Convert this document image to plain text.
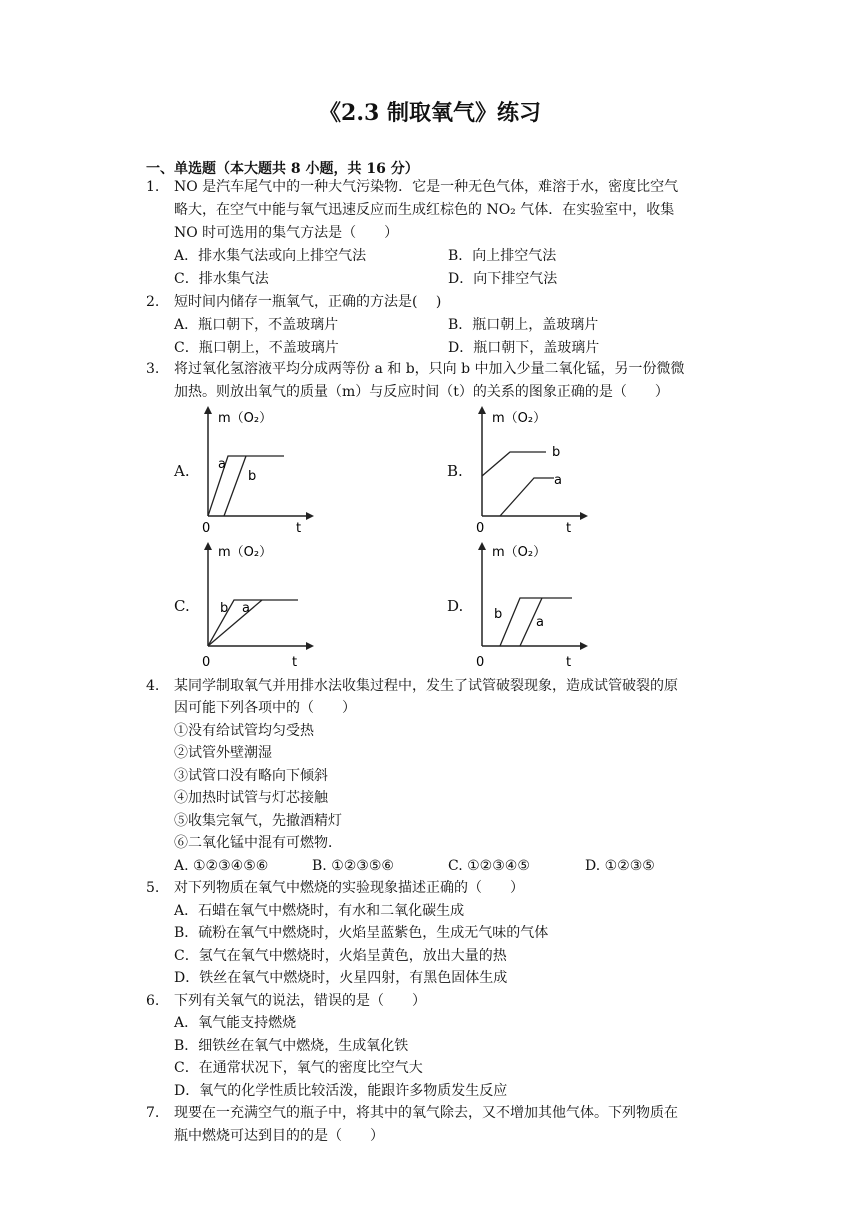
《2.3 制取氧气》练习
一、单选题（本大题共 8 小题，共 16 分）
1. NO 是汽车尾气中的一种大气污染物．它是一种无色气体，难溶于水，密度比空气
略大，在空气中能与氧气迅速反应而生成红棕色的 NO₂ 气体．在实验室中，收集
NO 时可选用的集气方法是（　　）
A．排水集气法或向上排空气法	B．向上排空气法
C．排水集气法	D．向下排空气法
2. 短时间内储存一瓶氧气，正确的方法是(　 )
A．瓶口朝下，不盖玻璃片	B．瓶口朝上，盖玻璃片
C．瓶口朝上，不盖玻璃片	D．瓶口朝下，盖玻璃片
3. 将过氧化氢溶液平均分成两等份 a 和 b，只向 b 中加入少量二氧化锰，另一份微微
加热。则放出氧气的质量（m）与反应时间（t）的关系的图象正确的是（　　）
A.	B.
C.	D.
m（O₂）
t
0
a
b
m（O₂）
t
0
b
a
m（O₂）
t
0
b a
m（O₂）
t
0
b
a
4. 某同学制取氧气并用排水法收集过程中，发生了试管破裂现象，造成试管破裂的原
因可能下列各项中的（　　）
①没有给试管均匀受热
②试管外壁潮湿
③试管口没有略向下倾斜
④加热时试管与灯芯接触
⑤收集完氧气，先撤酒精灯
⑥二氧化锰中混有可燃物．
A. ①②③④⑤⑥	B. ①②③⑤⑥	C. ①②③④⑤	D. ①②③⑤
5. 对下列物质在氧气中燃烧的实验现象描述正确的（　　）
A．石蜡在氧气中燃烧时，有水和二氧化碳生成
B．硫粉在氧气中燃烧时，火焰呈蓝紫色，生成无气味的气体
C．氢气在氧气中燃烧时，火焰呈黄色，放出大量的热
D．铁丝在氧气中燃烧时，火星四射，有黑色固体生成
6. 下列有关氧气的说法，错误的是（　　）
A．氧气能支持燃烧
B．细铁丝在氧气中燃烧，生成氧化铁
C．在通常状况下，氧气的密度比空气大
D．氧气的化学性质比较活泼，能跟许多物质发生反应
7. 现要在一充满空气的瓶子中，将其中的氧气除去，又不增加其他气体。下列物质在
瓶中燃烧可达到目的的是（　　）
